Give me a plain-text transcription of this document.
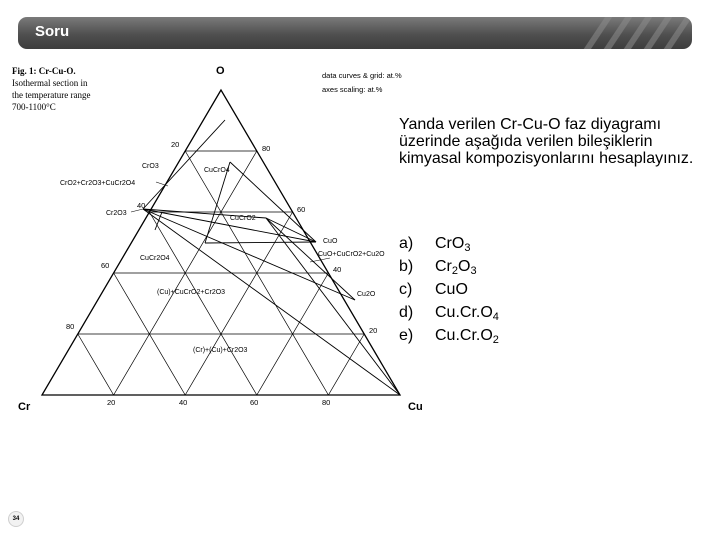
Soru
Fig. 1: Cr-Cu-O.
Isothermal section in
the temperature range
700-1100°C
data curves & grid: at.%
axes scaling: at.%
O
Cr	Cu
20
40
60
80
80
60
40
20
20	40	60	80
CrO3
CrO2+Cr2O3+CuCr2O4
Cr2O3
CuCrO4
CuCrO2
CuCr2O4
CuO
CuO+CuCrO2+Cu2O
Cu2O
(Cu)+CuCrO2+Cr2O3
(Cr)+(Cu)+Cr2O3
Yanda verilen Cr-Cu-O faz diyagramı üzerinde aşağıda verilen bileşiklerin kimyasal kompozisyonlarını hesaplayınız.
a) CrO$_3$
b) $Cr_2O_3$
c) CuO
d) $Cu.Cr.O_4$
e) $Cu.Cr.O_2$
34
